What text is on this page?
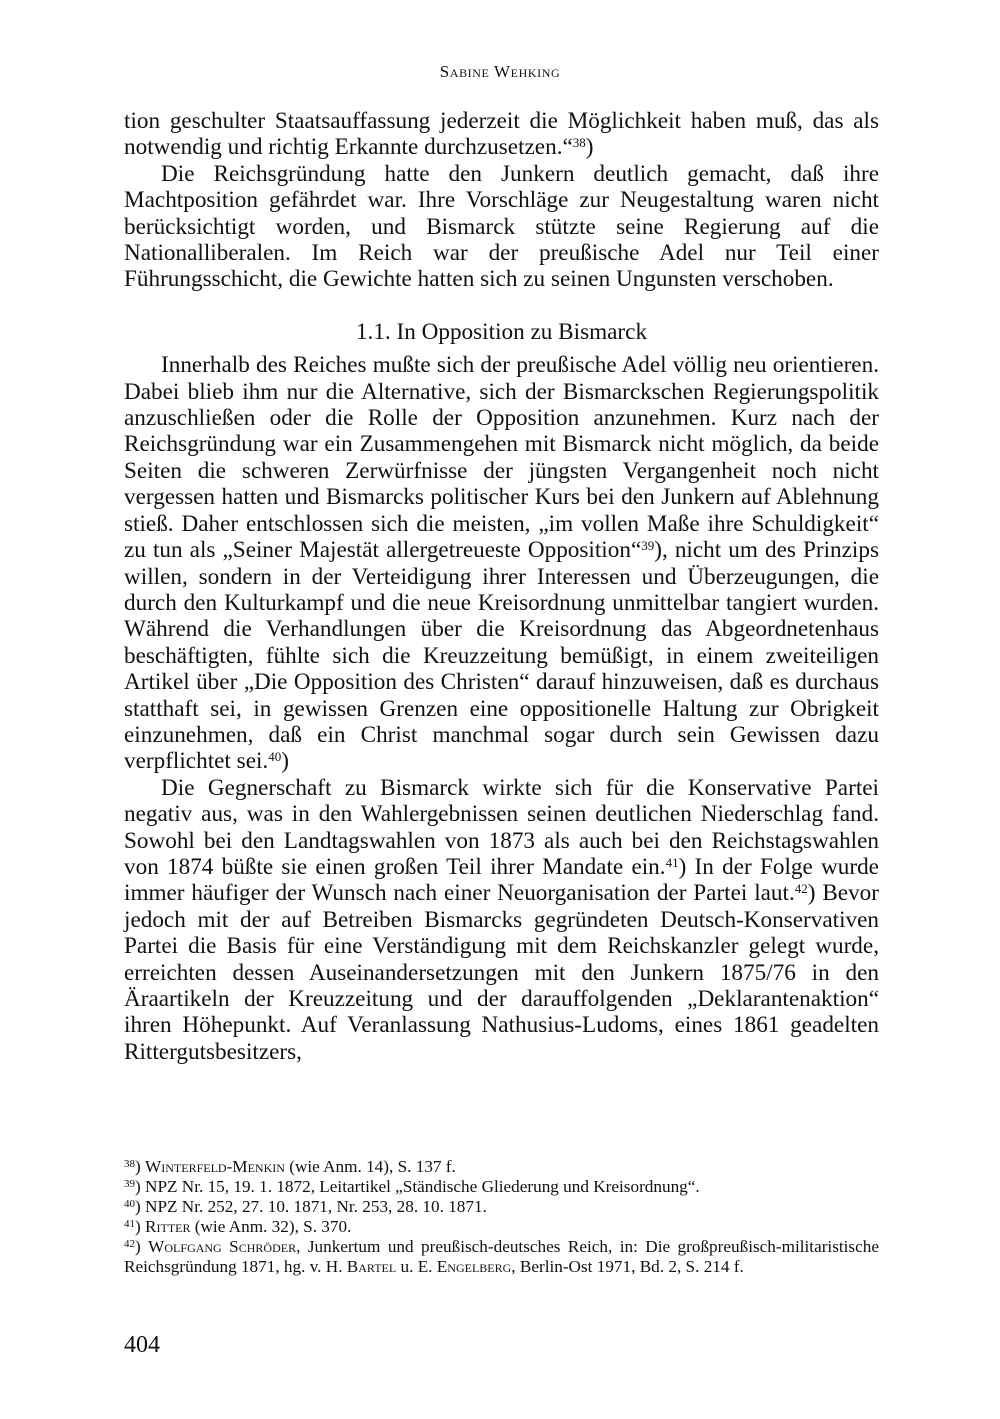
Sabine Wehking

tion geschulter Staatsauffassung jederzeit die Möglichkeit haben muß, das als notwendig und richtig Erkannte durchzusetzen.“$^{38}$)

Die Reichsgründung hatte den Junkern deutlich gemacht, daß ihre Machtposition gefährdet war. Ihre Vorschläge zur Neugestaltung waren nicht berücksichtigt worden, und Bismarck stützte seine Regierung auf die Nationalliberalen. Im Reich war der preußische Adel nur Teil einer Führungsschicht, die Gewichte hatten sich zu seinen Ungunsten verschoben.

1.1. In Opposition zu Bismarck

Innerhalb des Reiches mußte sich der preußische Adel völlig neu orientieren. Dabei blieb ihm nur die Alternative, sich der Bismarckschen Regierungspolitik anzuschließen oder die Rolle der Opposition anzunehmen. Kurz nach der Reichsgründung war ein Zusammengehen mit Bismarck nicht möglich, da beide Seiten die schweren Zerwürfnisse der jüngsten Vergangenheit noch nicht vergessen hatten und Bismarcks politischer Kurs bei den Junkern auf Ablehnung stieß. Daher entschlossen sich die meisten, „im vollen Maße ihre Schuldigkeit“ zu tun als „Seiner Majestät allergetreueste Opposition“$^{39}$), nicht um des Prinzips willen, sondern in der Verteidigung ihrer Interessen und Überzeugungen, die durch den Kulturkampf und die neue Kreisordnung unmittelbar tangiert wurden. Während die Verhandlungen über die Kreisordnung das Abgeordnetenhaus beschäftigten, fühlte sich die Kreuzzeitung bemüßigt, in einem zweiteiligen Artikel über „Die Opposition des Christen“ darauf hinzuweisen, daß es durchaus statthaft sei, in gewissen Grenzen eine oppositionelle Haltung zur Obrigkeit einzunehmen, daß ein Christ manchmal sogar durch sein Gewissen dazu verpflichtet sei.$^{40}$)

Die Gegnerschaft zu Bismarck wirkte sich für die Konservative Partei negativ aus, was in den Wahlergebnissen seinen deutlichen Niederschlag fand. Sowohl bei den Landtagswahlen von 1873 als auch bei den Reichstagswahlen von 1874 büßte sie einen großen Teil ihrer Mandate ein.$^{41}$) In der Folge wurde immer häufiger der Wunsch nach einer Neuorganisation der Partei laut.$^{42}$) Bevor jedoch mit der auf Betreiben Bismarcks gegründeten Deutsch-Konservativen Partei die Basis für eine Verständigung mit dem Reichskanzler gelegt wurde, erreichten dessen Auseinandersetzungen mit den Junkern 1875/76 in den Äraartikeln der Kreuzzeitung und der darauffolgenden „Deklarantenaktion“ ihren Höhepunkt. Auf Veranlassung Nathusius-Ludoms, eines 1861 geadelten Rittergutsbesitzers,

$^{38}$) Winterfeld-Menkin (wie Anm. 14), S. 137 f.

$^{39}$) NPZ Nr. 15, 19. 1. 1872, Leitartikel „Ständische Gliederung und Kreisordnung“.

$^{40}$) NPZ Nr. 252, 27. 10. 1871, Nr. 253, 28. 10. 1871.

$^{41}$) Ritter (wie Anm. 32), S. 370.

$^{42}$) Wolfgang Schröder, Junkertum und preußisch-deutsches Reich, in: Die großpreußisch-militaristische Reichsgründung 1871, hg. v. H. Bartel u. E. Engelberg, Berlin-Ost 1971, Bd. 2, S. 214 f.

404
